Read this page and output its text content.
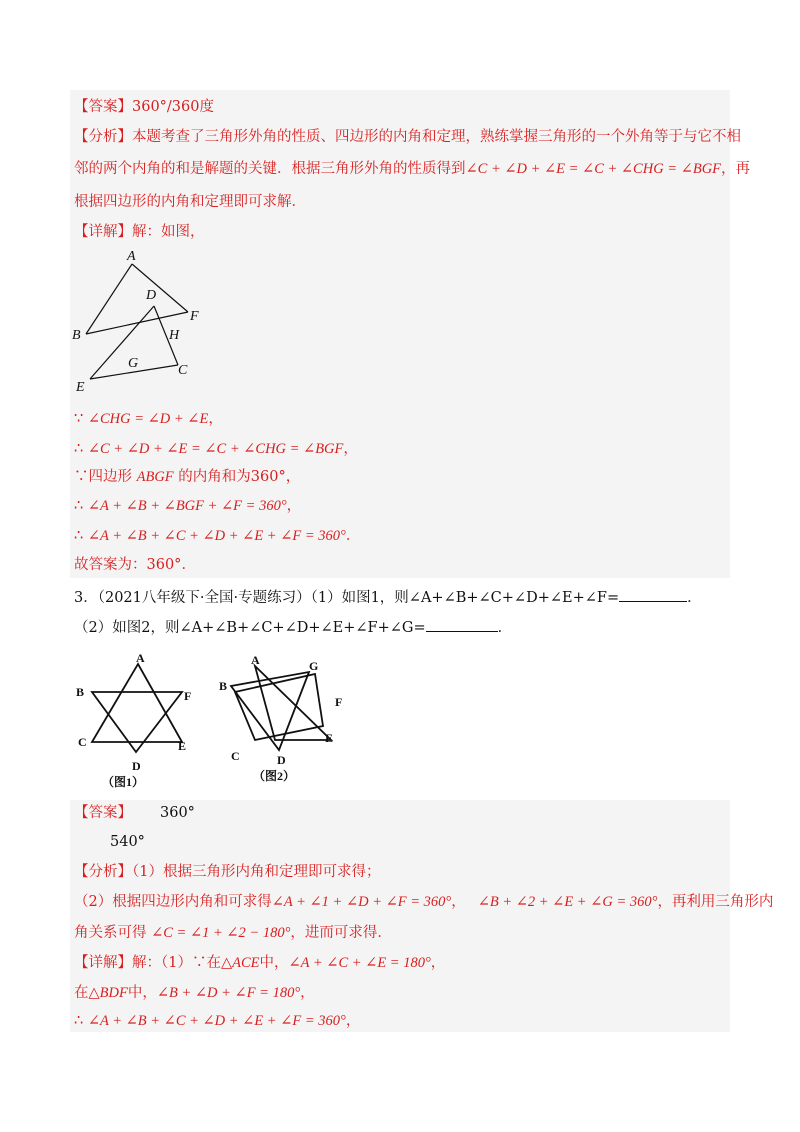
【答案】360°/360度
【分析】本题考查了三角形外角的性质、四边形的内角和定理，熟练掌握三角形的一个外角等于与它不相
邻的两个内角的和是解题的关键．根据三角形外角的性质得到∠C + ∠D + ∠E = ∠C + ∠CHG = ∠BGF，再
根据四边形的内角和定理即可求解．
【详解】解：如图，
A
D
F
H
B
G	C
E
∵ ∠CHG = ∠D + ∠E，
∴ ∠C + ∠D + ∠E = ∠C + ∠CHG = ∠BGF，
∵四边形 ABGF 的内角和为360°，
∴ ∠A + ∠B + ∠BGF + ∠F = 360°，
∴ ∠A + ∠B + ∠C + ∠D + ∠E + ∠F = 360°．
故答案为：360°．
3．（2021八年级下·全国·专题练习）（1）如图1，则∠A+∠B+∠C+∠D+∠E+∠F=	．
（2）如图2，则∠A+∠B+∠C+∠D+∠E+∠F+∠G=	．
A
B	F
C	E
D
（图1）
A	G
B
F
E
C	D
（图2）
【答案】 360°
540°
【分析】（1）根据三角形内角和定理即可求得；
（2）根据四边形内角和可求得∠A + ∠1 + ∠D + ∠F = 360°， ∠B + ∠2 + ∠E + ∠G = 360°，再利用三角形内
角关系可得 ∠C = ∠1 + ∠2 − 180°，进而可求得．
【详解】解：（1）∵在△ACE中，∠A + ∠C + ∠E = 180°，
在△BDF中，∠B + ∠D + ∠F = 180°，
∴ ∠A + ∠B + ∠C + ∠D + ∠E + ∠F = 360°，
